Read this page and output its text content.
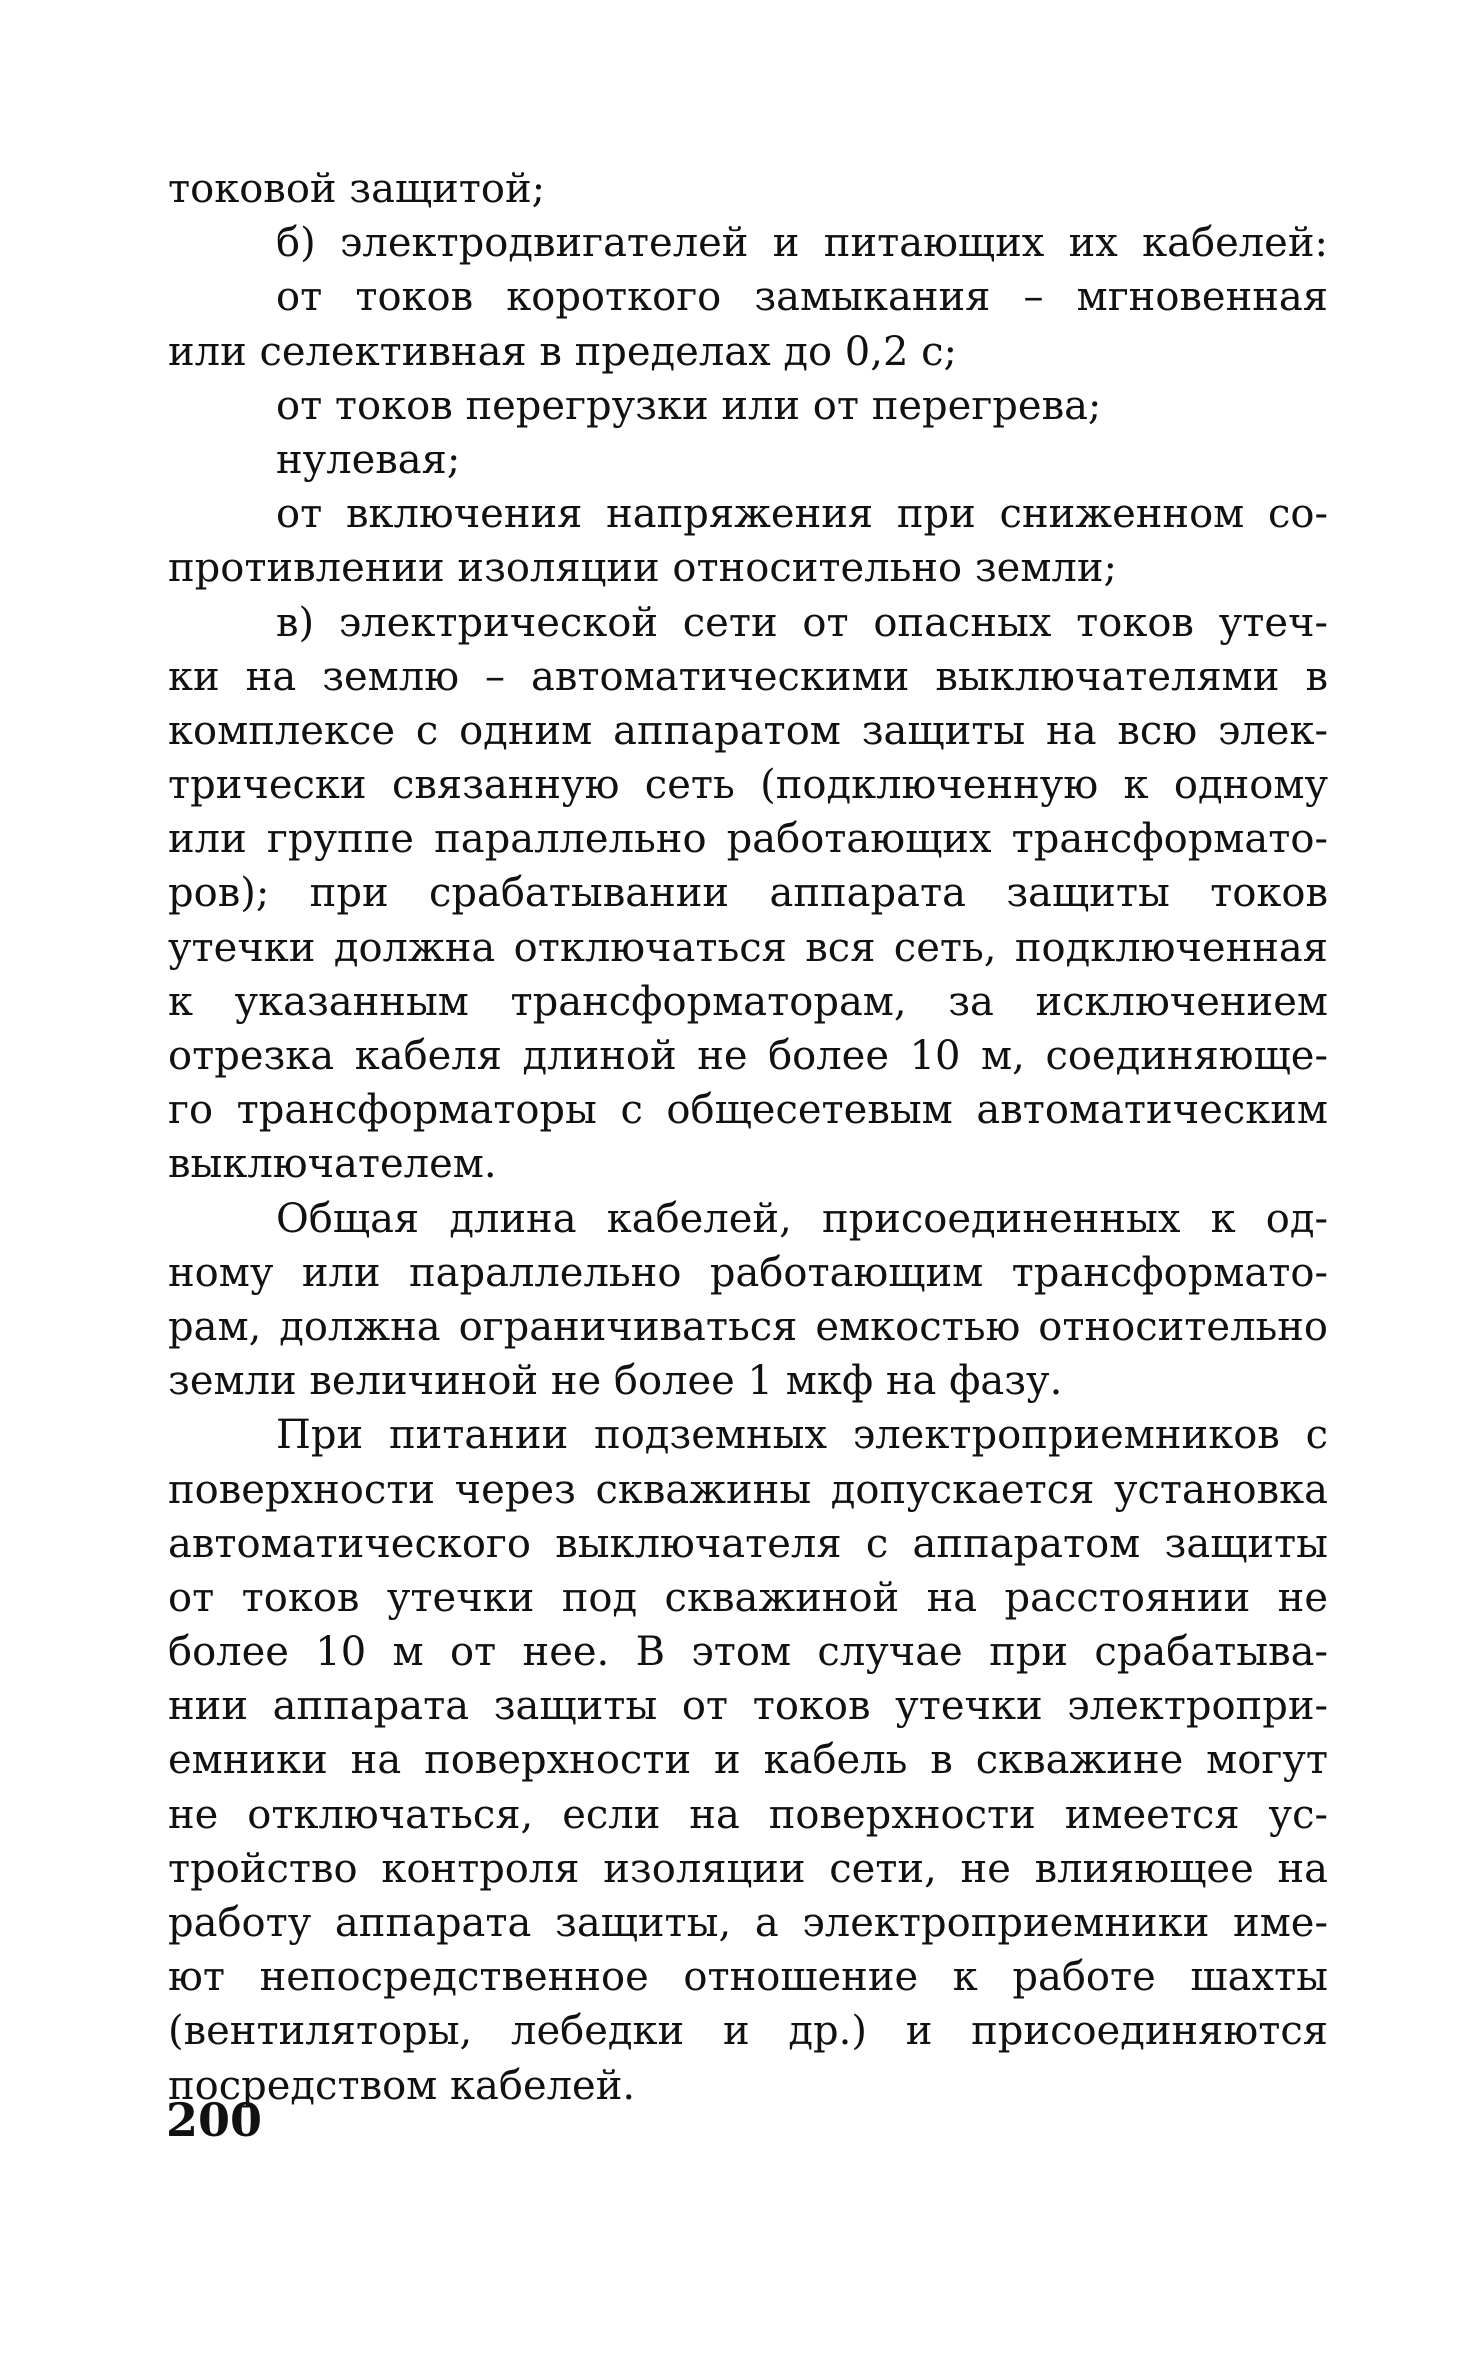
токовой защитой;
б) электродвигателей и питающих их кабелей:
от токов короткого замыкания – мгновенная
или селективная в пределах до 0,2 с;
от токов перегрузки или от перегрева;
нулевая;
от включения напряжения при сниженном со-
противлении изоляции относительно земли;
в) электрической сети от опасных токов утеч-
ки на землю – автоматическими выключателями в
комплексе с одним аппаратом защиты на всю элек-
трически связанную сеть (подключенную к одному
или группе параллельно работающих трансформато-
ров); при срабатывании аппарата защиты токов
утечки должна отключаться вся сеть, подключенная
к указанным трансформаторам, за исключением
отрезка кабеля длиной не более 10 м, соединяюще-
го трансформаторы с общесетевым автоматическим
выключателем.
Общая длина кабелей, присоединенных к од-
ному или параллельно работающим трансформато-
рам, должна ограничиваться емкостью относительно
земли величиной не более 1 мкф на фазу.
При питании подземных электроприемников с
поверхности через скважины допускается установка
автоматического выключателя с аппаратом защиты
от токов утечки под скважиной на расстоянии не
более 10 м от нее. В этом случае при срабатыва-
нии аппарата защиты от токов утечки электропри-
емники на поверхности и кабель в скважине могут
не отключаться, если на поверхности имеется ус-
тройство контроля изоляции сети, не влияющее на
работу аппарата защиты, а электроприемники име-
ют непосредственное отношение к работе шахты
(вентиляторы, лебедки и др.) и присоединяются
посредством кабелей.
200
